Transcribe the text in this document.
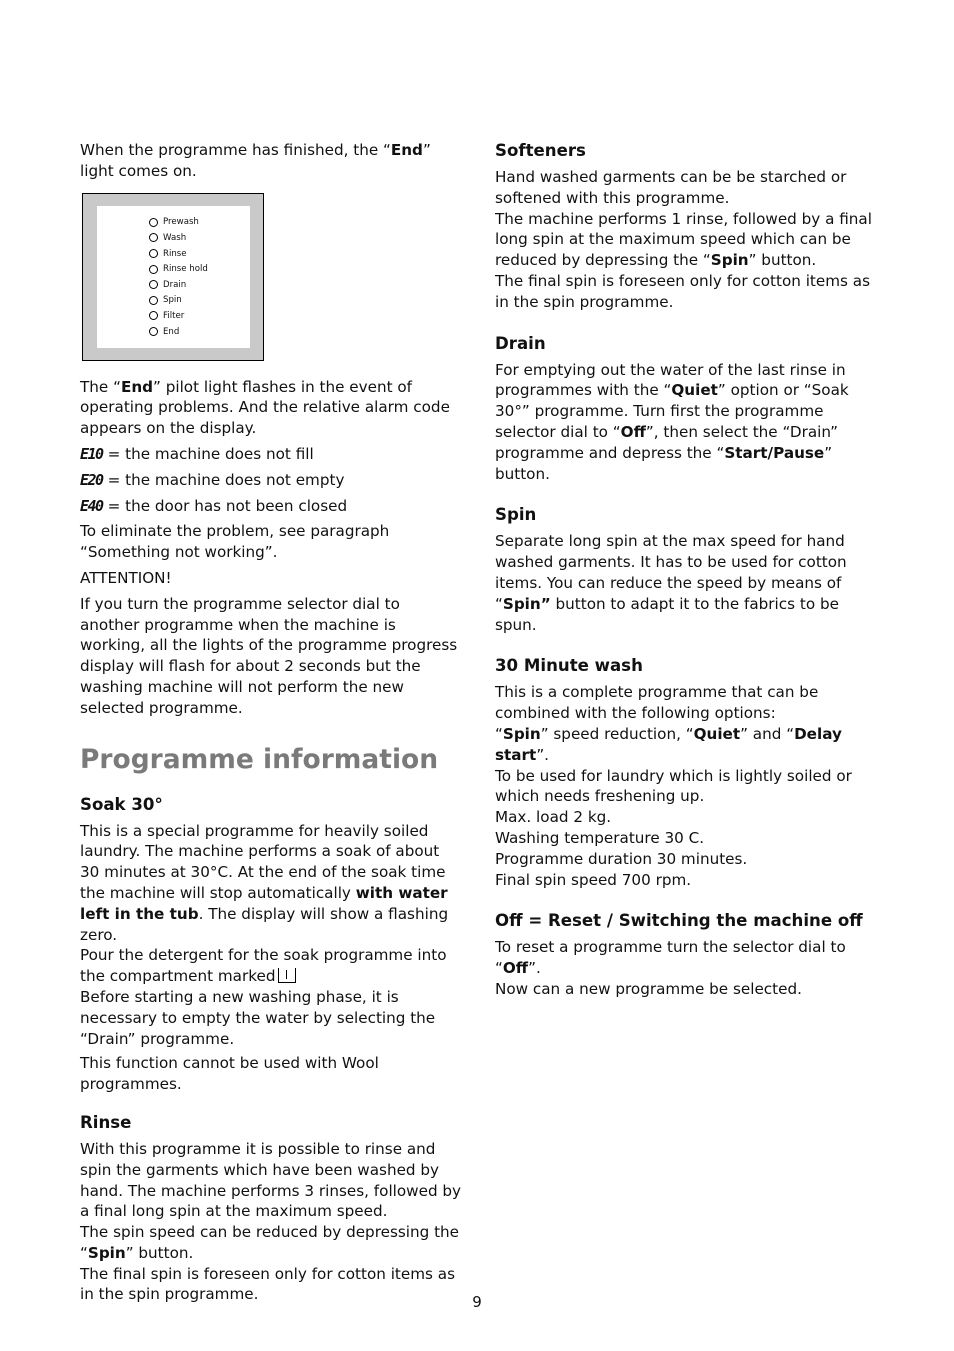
When the programme has finished, the “End” light comes on.

Prewash
Wash
Rinse
Rinse hold
Drain
Spin
Filter
End

The “End” pilot light flashes in the event of operating problems. And the relative alarm code appears on the display.

E10 = the machine does not fill
E20 = the machine does not empty
E40 = the door has not been closed

To eliminate the problem, see paragraph “Something not working”.

ATTENTION!

If you turn the programme selector dial to another programme when the machine is working, all the lights of the programme progress display will flash for about 2 seconds but the washing machine will not perform the new selected programme.

Programme information
Soak 30°

This is a special programme for heavily soiled laundry. The machine performs a soak of about 30 minutes at 30°C. At the end of the soak time the machine will stop automatically with water left in the tub. The display will show a flashing zero.

Pour the detergent for the soak programme into the compartment marked

Before starting a new washing phase, it is necessary to empty the water by selecting the “Drain” programme.

This function cannot be used with Wool programmes.

Rinse

With this programme it is possible to rinse and spin the garments which have been washed by hand. The machine performs 3 rinses, followed by a final long spin at the maximum speed.

The spin speed can be reduced by depressing the “Spin” button.

The final spin is foreseen only for cotton items as in the spin programme.

Softeners

Hand washed garments can be be starched or softened with this programme.

The machine performs 1 rinse, followed by a final long spin at the maximum speed which can be reduced by depressing the “Spin” button.

The final spin is foreseen only for cotton items as in the spin programme.

Drain

For emptying out the water of the last rinse in programmes with the “Quiet” option or “Soak 30°” programme. Turn first the programme selector dial to “Off”, then select the “Drain” programme and depress the “Start/Pause” button.

Spin

Separate long spin at the max speed for hand washed garments. It has to be used for cotton items. You can reduce the speed by means of “Spin” button to adapt it to the fabrics to be spun.

30 Minute wash

This is a complete programme that can be combined with the following options:

“Spin” speed reduction, “Quiet” and “Delay start”.

To be used for laundry which is lightly soiled or which needs freshening up.

Max. load 2 kg.

Washing temperature 30 C.

Programme duration 30 minutes.

Final spin speed 700 rpm.

Off = Reset / Switching the machine off

To reset a programme turn the selector dial to “Off”.

Now can a new programme be selected.

9
